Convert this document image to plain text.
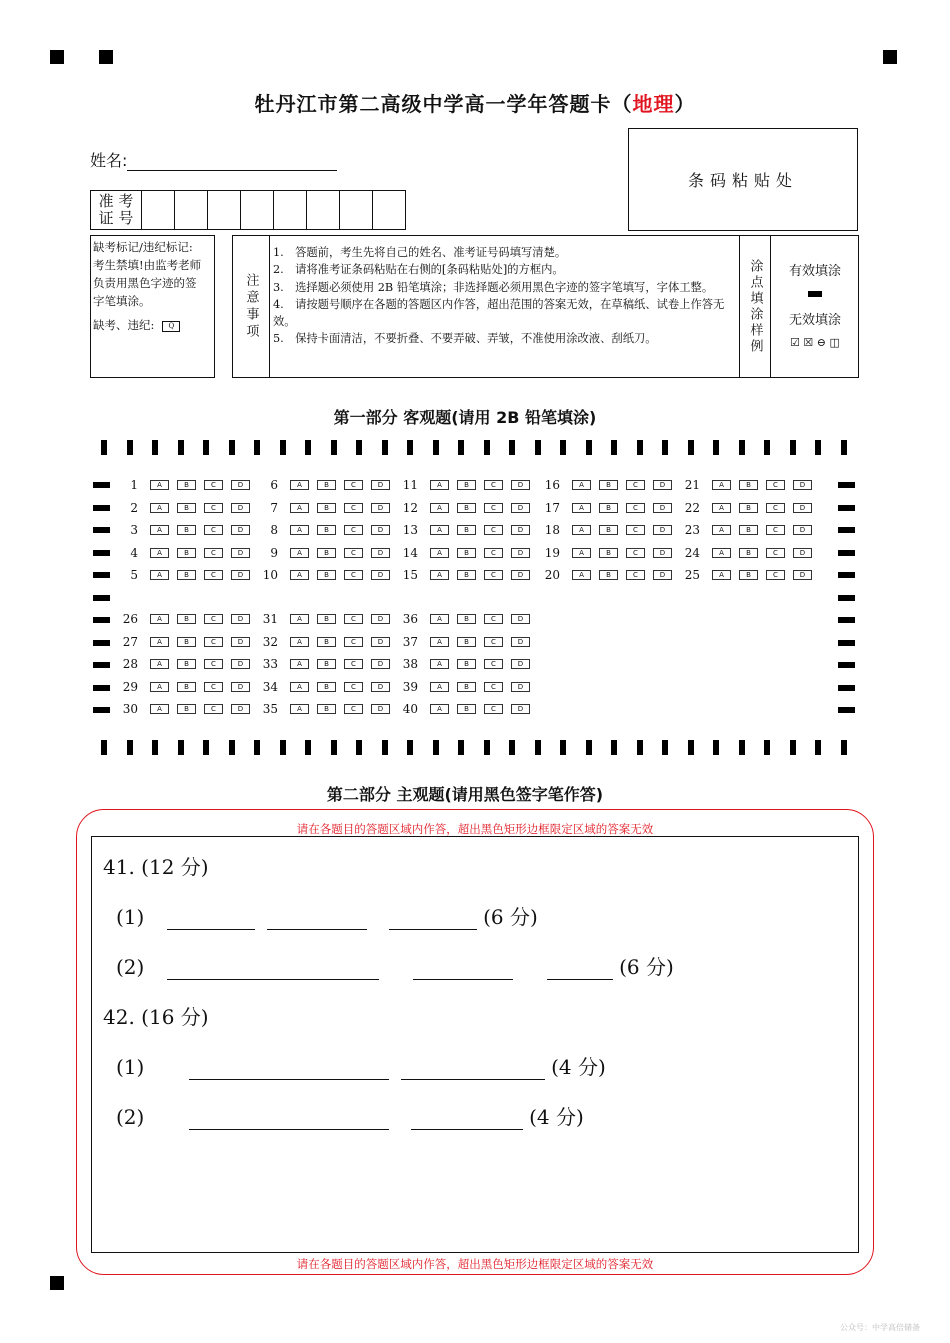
牡丹江市第二高级中学高一学年答题卡（地理）
姓名:
条码粘贴处
准 考
证 号
缺考标记/违纪标记:
考生禁填!由监考老师
负责用黑色字迹的签
字笔填涂。
缺考、违纪: Q	注意事项
1.　答题前，考生先将自己的姓名、准考证号码填写清楚。
2.　请将准考证条码粘贴在右侧的[条码粘贴处]的方框内。
3.　选择题必须使用 2B 铅笔填涂；非选择题必须用黑色字迹的签字笔填写，字体工整。
4.　请按题号顺序在各题的答题区内作答，超出范围的答案无效，在草稿纸、试卷上作答无效。
5.　保持卡面清洁，不要折叠、不要弄破、弄皱，不准使用涂改液、刮纸刀。	涂点填涂样例	有效填涂
无效填涂
☑ ☒ ⊖ ◫
第一部分 客观题(请用 2B 铅笔填涂)
1	A	B	C	D
2	A	B	C	D
3	A	B	C	D
4	A	B	C	D
5	A	B	C	D
6	A	B	C	D
7	A	B	C	D
8	A	B	C	D
9	A	B	C	D
10	A	B	C	D
11	A	B	C	D
12	A	B	C	D
13	A	B	C	D
14	A	B	C	D
15	A	B	C	D
16	A	B	C	D
17	A	B	C	D
18	A	B	C	D
19	A	B	C	D
20	A	B	C	D
21	A	B	C	D
22	A	B	C	D
23	A	B	C	D
24	A	B	C	D
25	A	B	C	D
26	A	B	C	D
27	A	B	C	D
28	A	B	C	D
29	A	B	C	D
30	A	B	C	D
31	A	B	C	D
32	A	B	C	D
33	A	B	C	D
34	A	B	C	D
35	A	B	C	D
36	A	B	C	D
37	A	B	C	D
38	A	B	C	D
39	A	B	C	D
40	A	B	C	D
第二部分 主观题(请用黑色签字笔作答)
请在各题目的答题区域内作答，超出黑色矩形边框限定区域的答案无效
请在各题目的答题区域内作答，超出黑色矩形边框限定区域的答案无效
41. (12 分)
(1)	(6 分)
(2)	(6 分)
42. (16 分)
(1)	(4 分)
(2)	(4 分)
公众号：中学高倍储备
